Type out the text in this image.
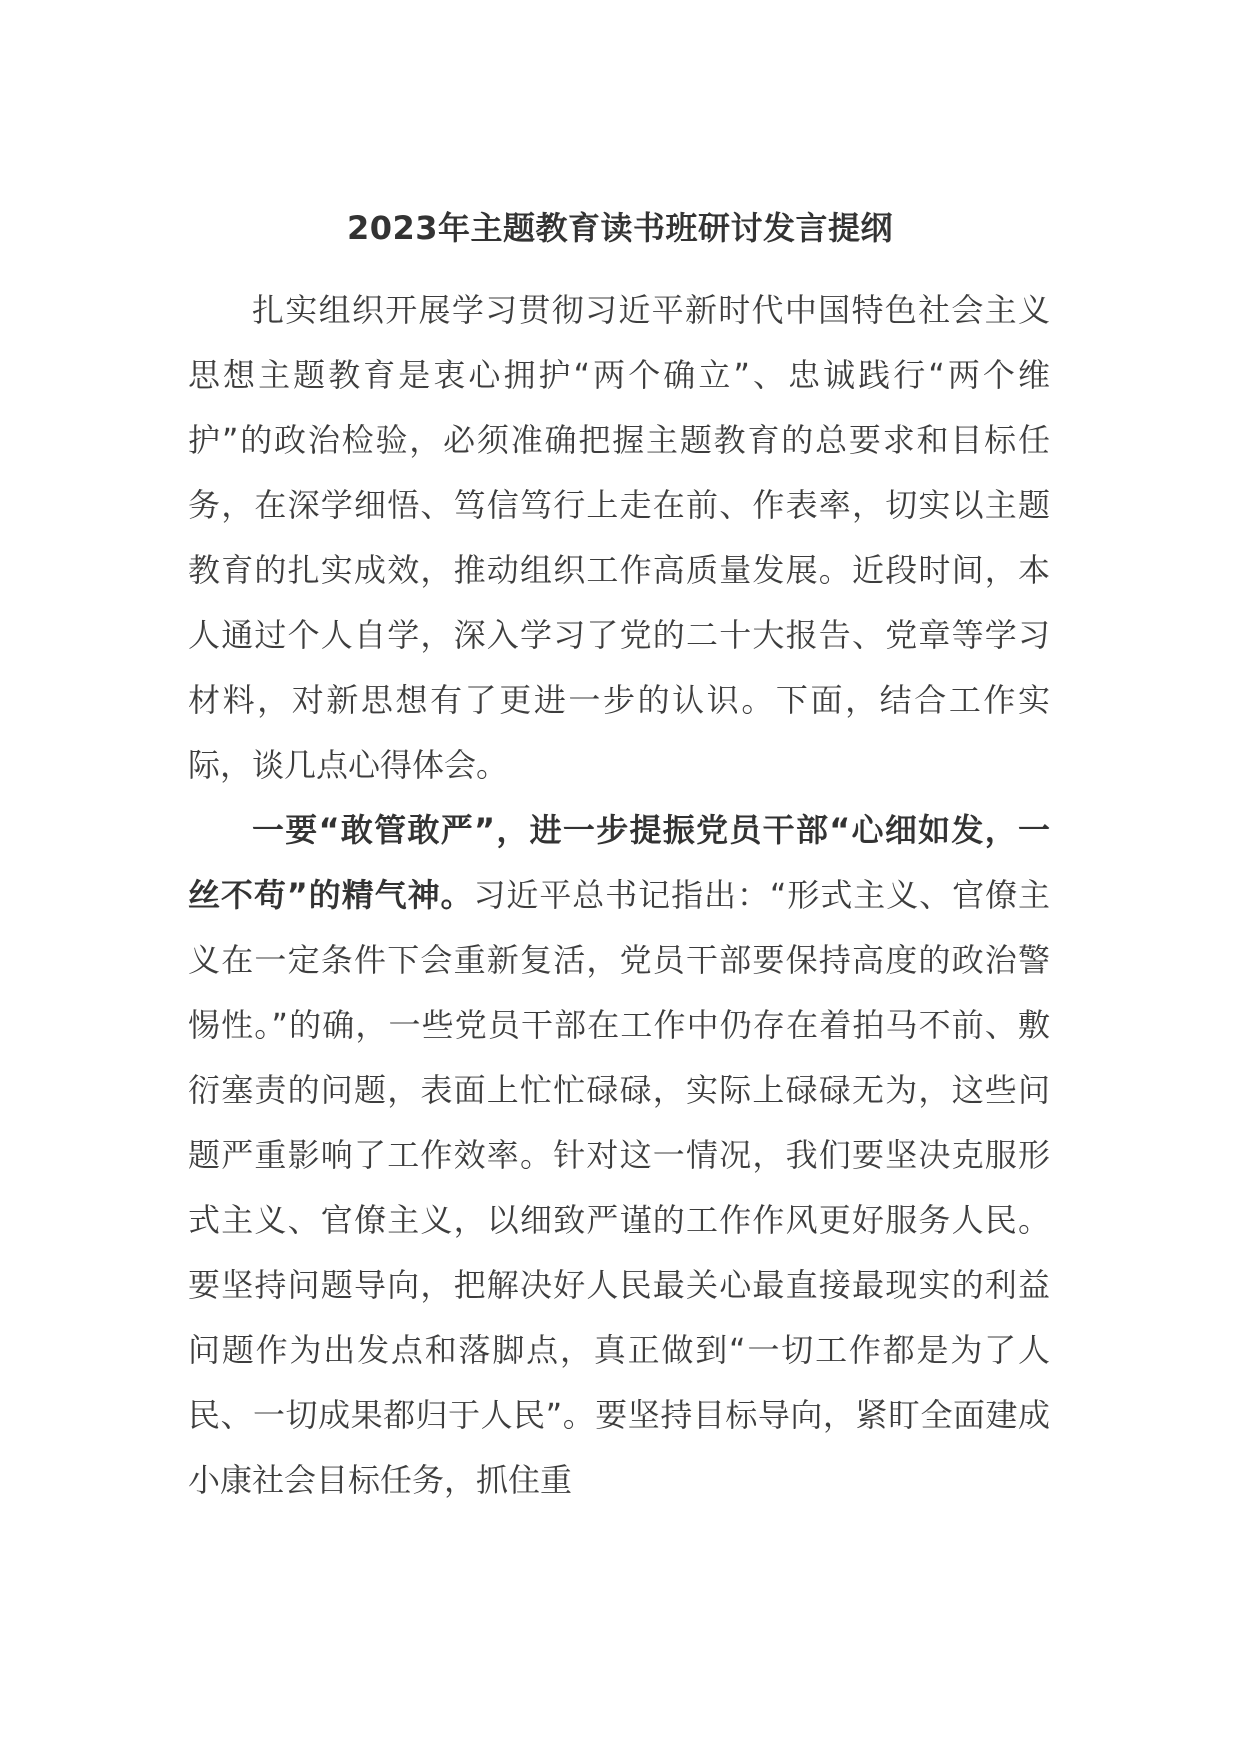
2023年主题教育读书班研讨发言提纲

扎实组织开展学习贯彻习近平新时代中国特色社会主义思想主题教育是衷心拥护“两个确立”、忠诚践行“两个维护”的政治检验，必须准确把握主题教育的总要求和目标任务，在深学细悟、笃信笃行上走在前、作表率，切实以主题教育的扎实成效，推动组织工作高质量发展。近段时间，本人通过个人自学，深入学习了党的二十大报告、党章等学习材料，对新思想有了更进一步的认识。下面，结合工作实际，谈几点心得体会。

一要“敢管敢严”，进一步提振党员干部“心细如发，一丝不苟”的精气神。习近平总书记指出：“形式主义、官僚主义在一定条件下会重新复活，党员干部要保持高度的政治警惕性。”的确，一些党员干部在工作中仍存在着拍马不前、敷衍塞责的问题，表面上忙忙碌碌，实际上碌碌无为，这些问题严重影响了工作效率。针对这一情况，我们要坚决克服形式主义、官僚主义，以细致严谨的工作作风更好服务人民。要坚持问题导向，把解决好人民最关心最直接最现实的利益问题作为出发点和落脚点，真正做到“一切工作都是为了人民、一切成果都归于人民”。要坚持目标导向，紧盯全面建成小康社会目标任务，抓住重
